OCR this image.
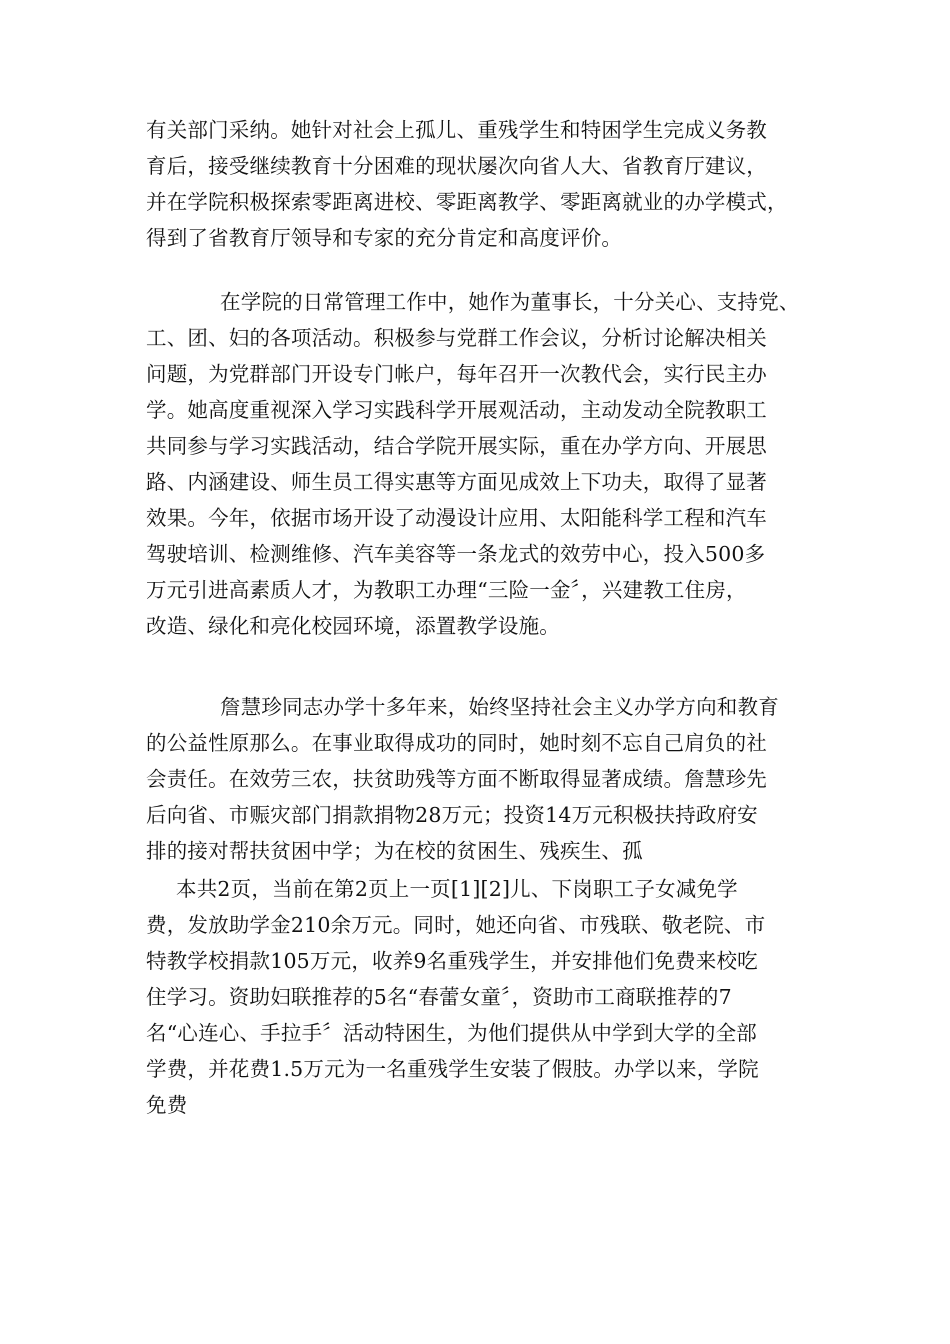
有关部门采纳。她针对社会上孤儿、重残学生和特困学生完成义务教
育后，接受继续教育十分困难的现状屡次向省人大、省教育厅建议，
并在学院积极探索零距离进校、零距离教学、零距离就业的办学模式，
得到了省教育厅领导和专家的充分肯定和高度评价。
在学院的日常管理工作中，她作为董事长，十分关心、支持党、
工、团、妇的各项活动。积极参与党群工作会议，分析讨论解决相关
问题，为党群部门开设专门帐户，每年召开一次教代会，实行民主办
学。她高度重视深入学习实践科学开展观活动，主动发动全院教职工
共同参与学习实践活动，结合学院开展实际，重在办学方向、开展思
路、内涵建设、师生员工得实惠等方面见成效上下功夫，取得了显著
效果。今年，依据市场开设了动漫设计应用、太阳能科学工程和汽车
驾驶培训、检测维修、汽车美容等一条龙式的效劳中心，投入500多
万元引进高素质人才，为教职工办理“三险一金〞，兴建教工住房，
改造、绿化和亮化校园环境，添置教学设施。
詹慧珍同志办学十多年来，始终坚持社会主义办学方向和教育
的公益性原那么。在事业取得成功的同时，她时刻不忘自己肩负的社
会责任。在效劳三农，扶贫助残等方面不断取得显著成绩。詹慧珍先
后向省、市赈灾部门捐款捐物28万元；投资14万元积极扶持政府安
排的接对帮扶贫困中学；为在校的贫困生、残疾生、孤
本共2页，当前在第2页上一页[1][2]儿、下岗职工子女减免学
费，发放助学金210余万元。同时，她还向省、市残联、敬老院、市
特教学校捐款105万元，收养9名重残学生，并安排他们免费来校吃
住学习。资助妇联推荐的5名“春蕾女童〞，资助市工商联推荐的7
名“心连心、手拉手〞活动特困生，为他们提供从中学到大学的全部
学费，并花费1.5万元为一名重残学生安装了假肢。办学以来，学院
免费
